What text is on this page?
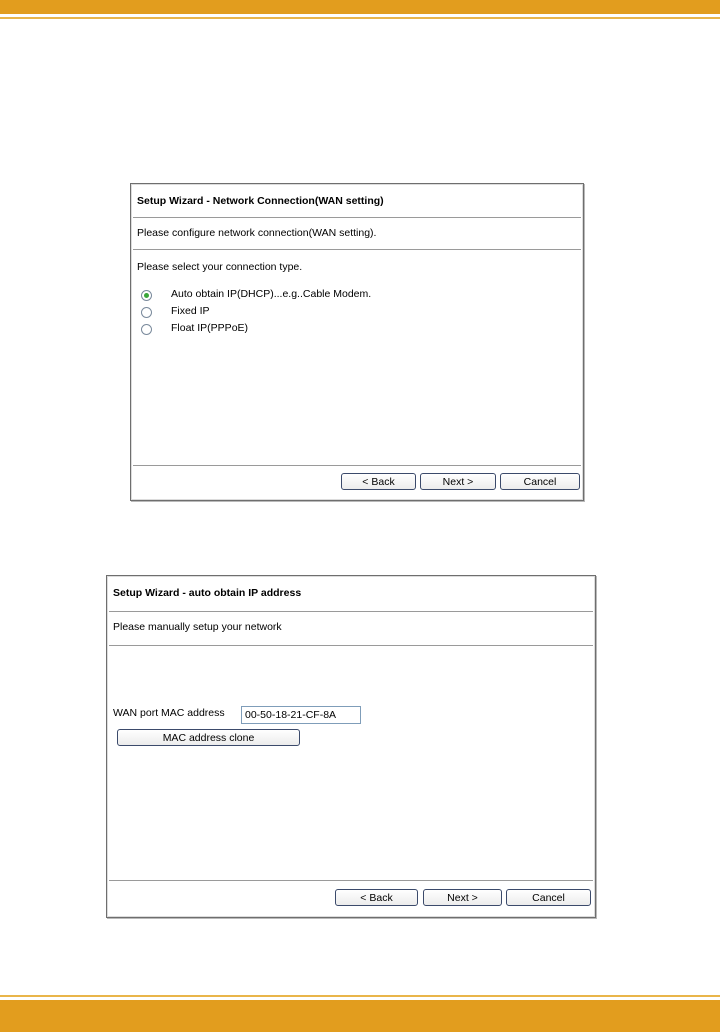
Setup Wizard - Network Connection(WAN setting)
Please configure network connection(WAN setting).
Please select your connection type.
Auto obtain IP(DHCP)...e.g..Cable Modem.
Fixed IP
Float IP(PPPoE)
< Back	Next >	Cancel
Setup Wizard - auto obtain IP address
Please manually setup your network
WAN port MAC address	00-50-18-21-CF-8A
MAC address clone
< Back	Next >	Cancel
